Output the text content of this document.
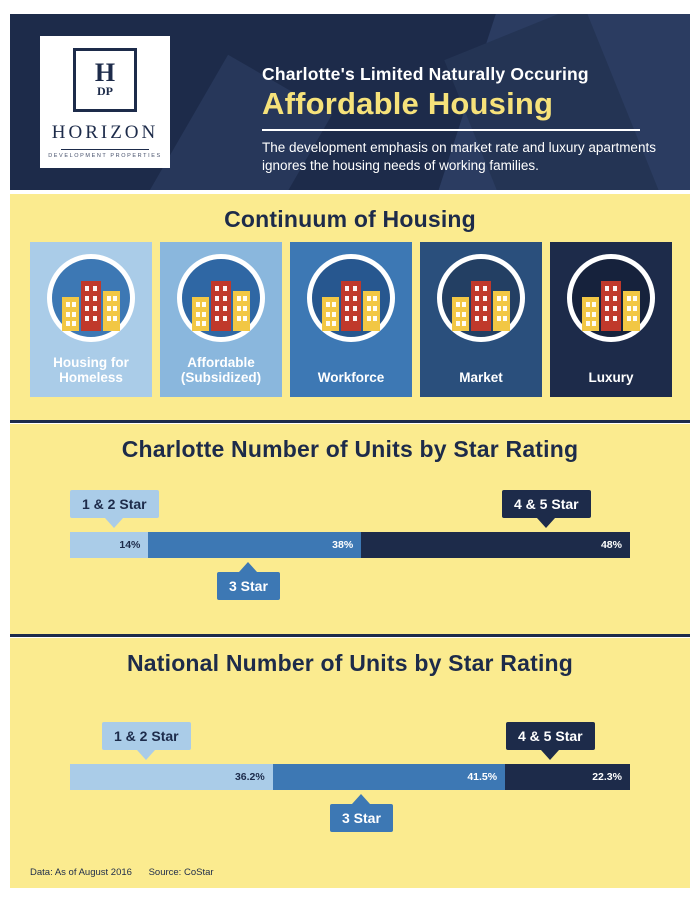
H
DP
HORIZON
DEVELOPMENT PROPERTIES
Charlotte's Limited Naturally Occuring
Affordable Housing
The development emphasis on market rate and luxury apartments ignores the housing needs of working families.
Continuum of Housing
Housing for Homeless
Affordable (Subsidized)	Workforce	Market	Luxury
Charlotte Number of Units by Star Rating
1 & 2 Star	4 & 5 Star
3 Star
14%	38%	48%
National Number of Units by Star Rating
1 & 2 Star	4 & 5 Star
3 Star
36.2%	41.5%	22.3%
Data: As of August 2016 Source: CoStar
